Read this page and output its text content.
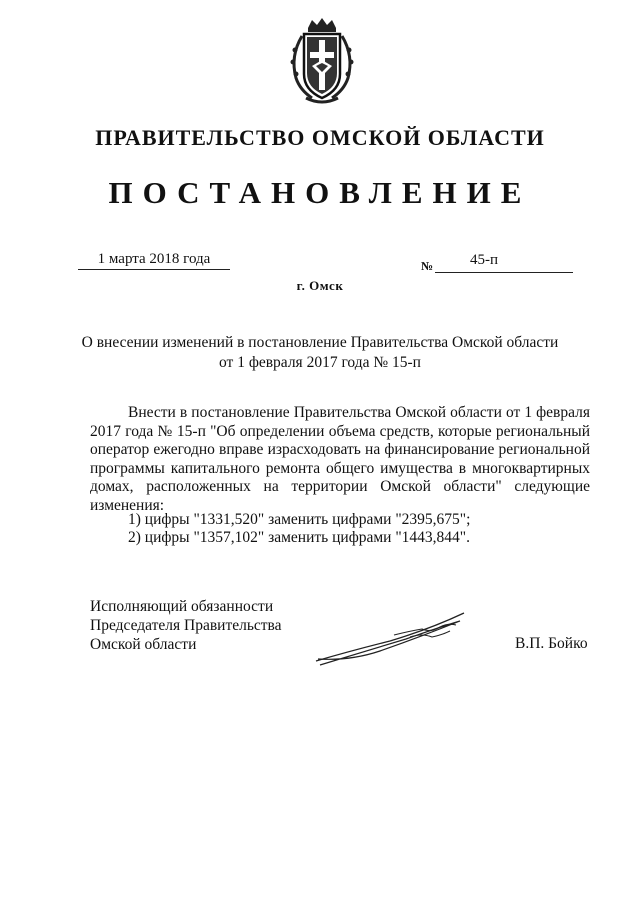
ПРАВИТЕЛЬСТВО ОМСКОЙ ОБЛАСТИ
ПОСТАНОВЛЕНИЕ
1 марта 2018 года	№ 45-п
г. Омск
О внесении изменений в постановление Правительства Омской области
от 1 февраля 2017 года № 15-п

Внести в постановление Правительства Омской области от 1 февраля 2017 года № 15-п "Об определении объема средств, которые региональный оператор ежегодно вправе израсходовать на финансирование региональной программы капитального ремонта общего имущества в многоквартирных домах, расположенных на территории Омской области" следующие изменения:

1) цифры "1331,520" заменить цифрами "2395,675";
2) цифры "1357,102" заменить цифрами "1443,844".
Исполняющий обязанности
Председателя Правительства
Омской области	В.П. Бойко
